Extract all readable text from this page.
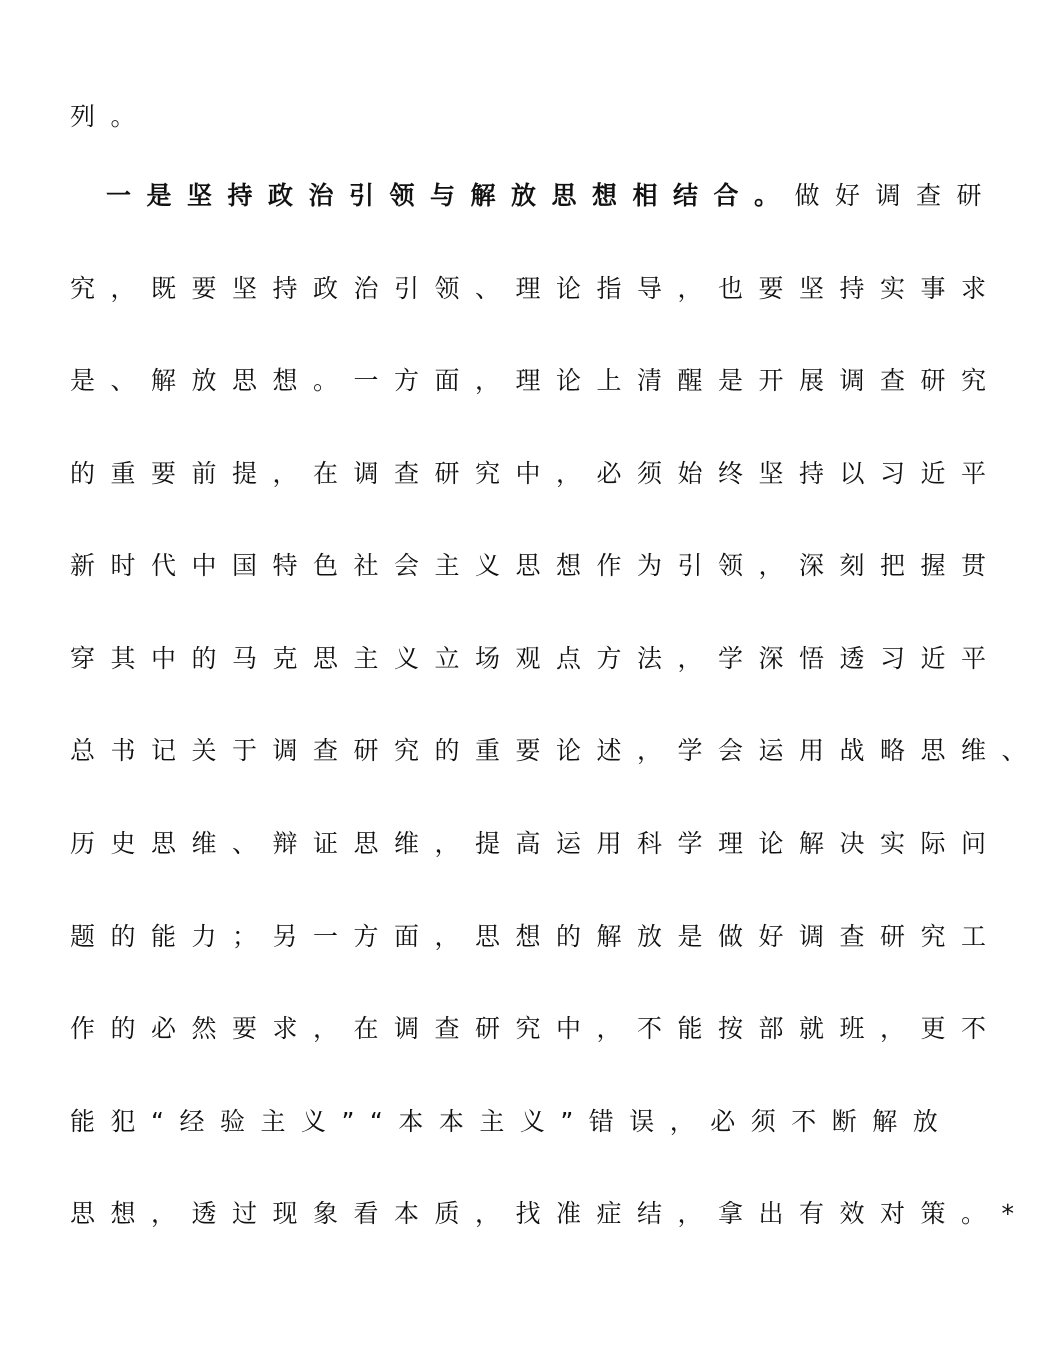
列。
一是坚持政治引领与解放思想相结合。做好调查研
究，既要坚持政治引领、理论指导，也要坚持实事求
是、解放思想。一方面，理论上清醒是开展调查研究
的重要前提，在调查研究中，必须始终坚持以习近平
新时代中国特色社会主义思想作为引领，深刻把握贯
穿其中的马克思主义立场观点方法，学深悟透习近平
总书记关于调查研究的重要论述，学会运用战略思维、
历史思维、辩证思维，提高运用科学理论解决实际问
题的能力；另一方面，思想的解放是做好调查研究工
作的必然要求，在调查研究中，不能按部就班，更不
能犯“经验主义”“本本主义”错误，必须不断解放
思想，透过现象看本质，找准症结，拿出有效对策。*
